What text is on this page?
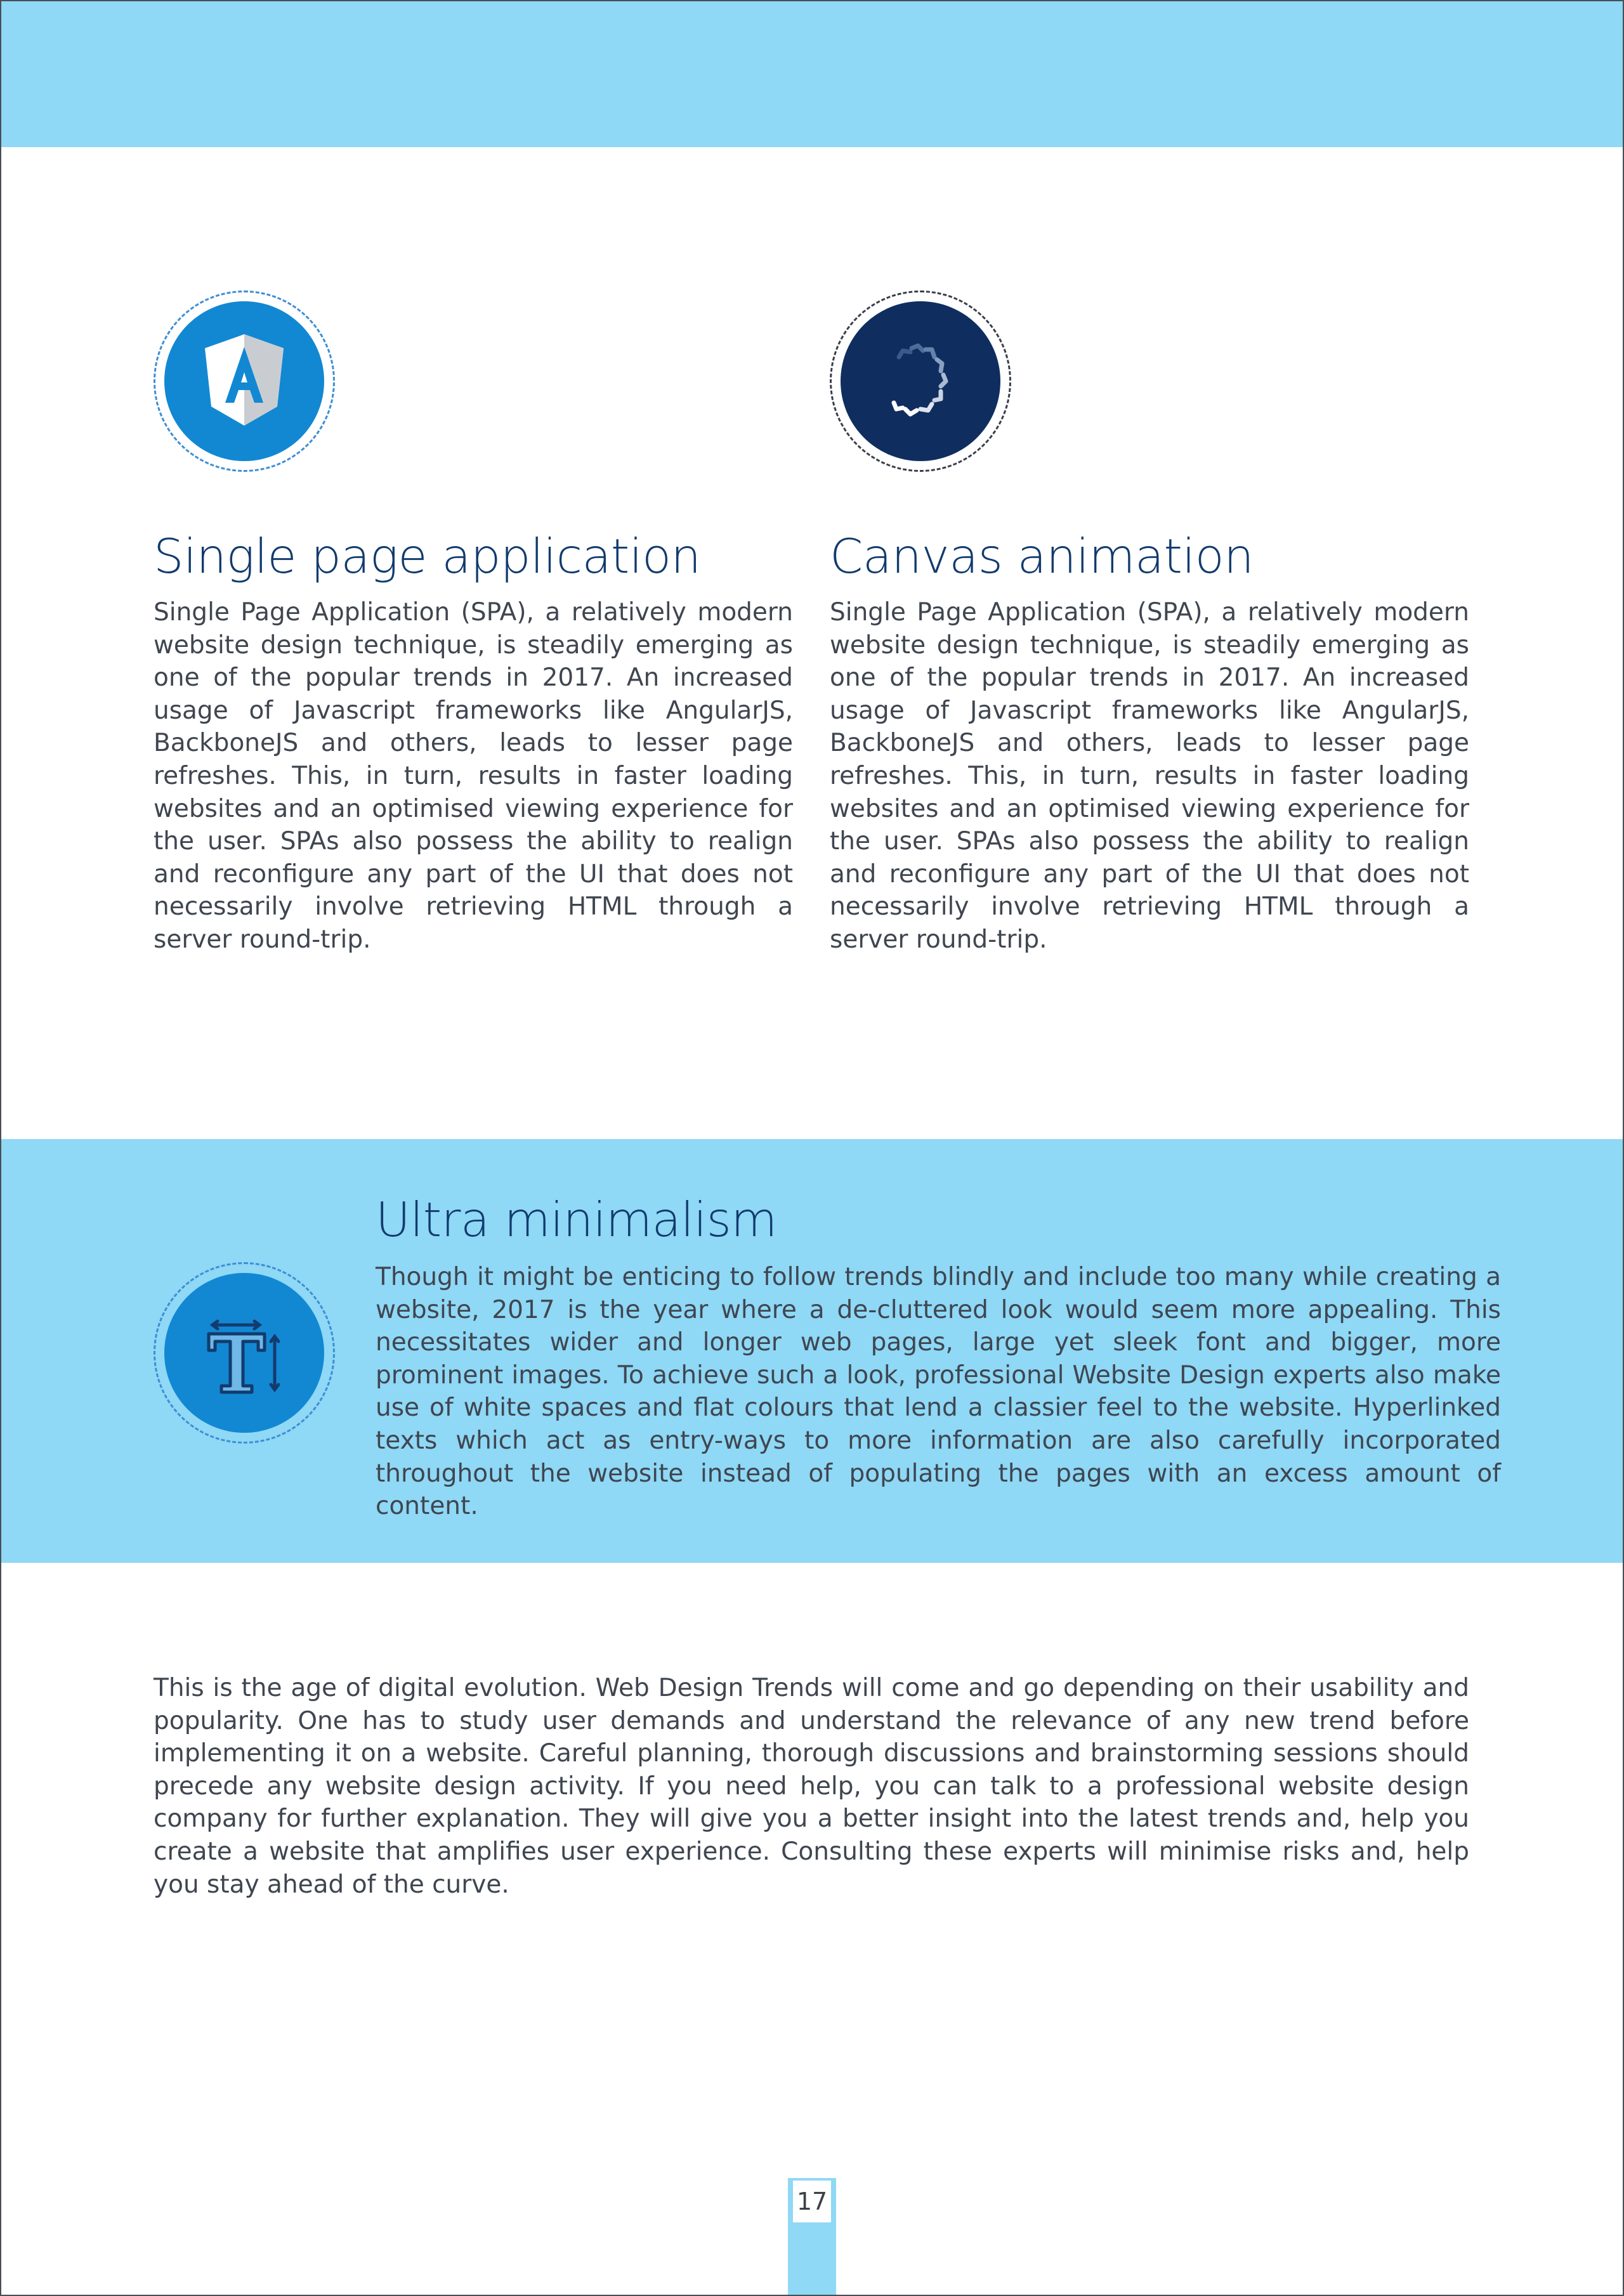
Single page application

Single Page Application (SPA), a relatively modern website design technique, is steadily emerging as one of the popular trends in 2017. An increased usage of Javascript frameworks like AngularJS, BackboneJS and others, leads to lesser page refreshes. This, in turn, results in faster loading websites and an optimised viewing experience for the user. SPAs also possess the ability to realign and reconfigure any part of the UI that does not necessarily involve retrieving HTML through a server round-trip.

Canvas animation

Single Page Application (SPA), a relatively modern website design technique, is steadily emerging as one of the popular trends in 2017. An increased usage of Javascript frameworks like AngularJS, BackboneJS and others, leads to lesser page refreshes. This, in turn, results in faster loading websites and an optimised viewing experience for the user. SPAs also possess the ability to realign and reconfigure any part of the UI that does not necessarily involve retrieving HTML through a server round-trip.

Ultra minimalism

Though it might be enticing to follow trends blindly and include too many while creating a website, 2017 is the year where a de-cluttered look would seem more appealing. This necessitates wider and longer web pages, large yet sleek font and bigger, more prominent images. To achieve such a look, professional Website Design experts also make use of white spaces and flat colours that lend a classier feel to the website. Hyperlinked texts which act as entry-ways to more information are also carefully incorporated throughout the website instead of populating the pages with an excess amount of content.

This is the age of digital evolution. Web Design Trends will come and go depending on their usability and popularity. One has to study user demands and understand the relevance of any new trend before implementing it on a website. Careful planning, thorough discussions and brainstorming sessions should precede any website design activity. If you need help, you can talk to a professional website design company for further explanation. They will give you a better insight into the latest trends and, help you create a website that amplifies user experience. Consulting these experts will minimise risks and, help you stay ahead of the curve.

17
